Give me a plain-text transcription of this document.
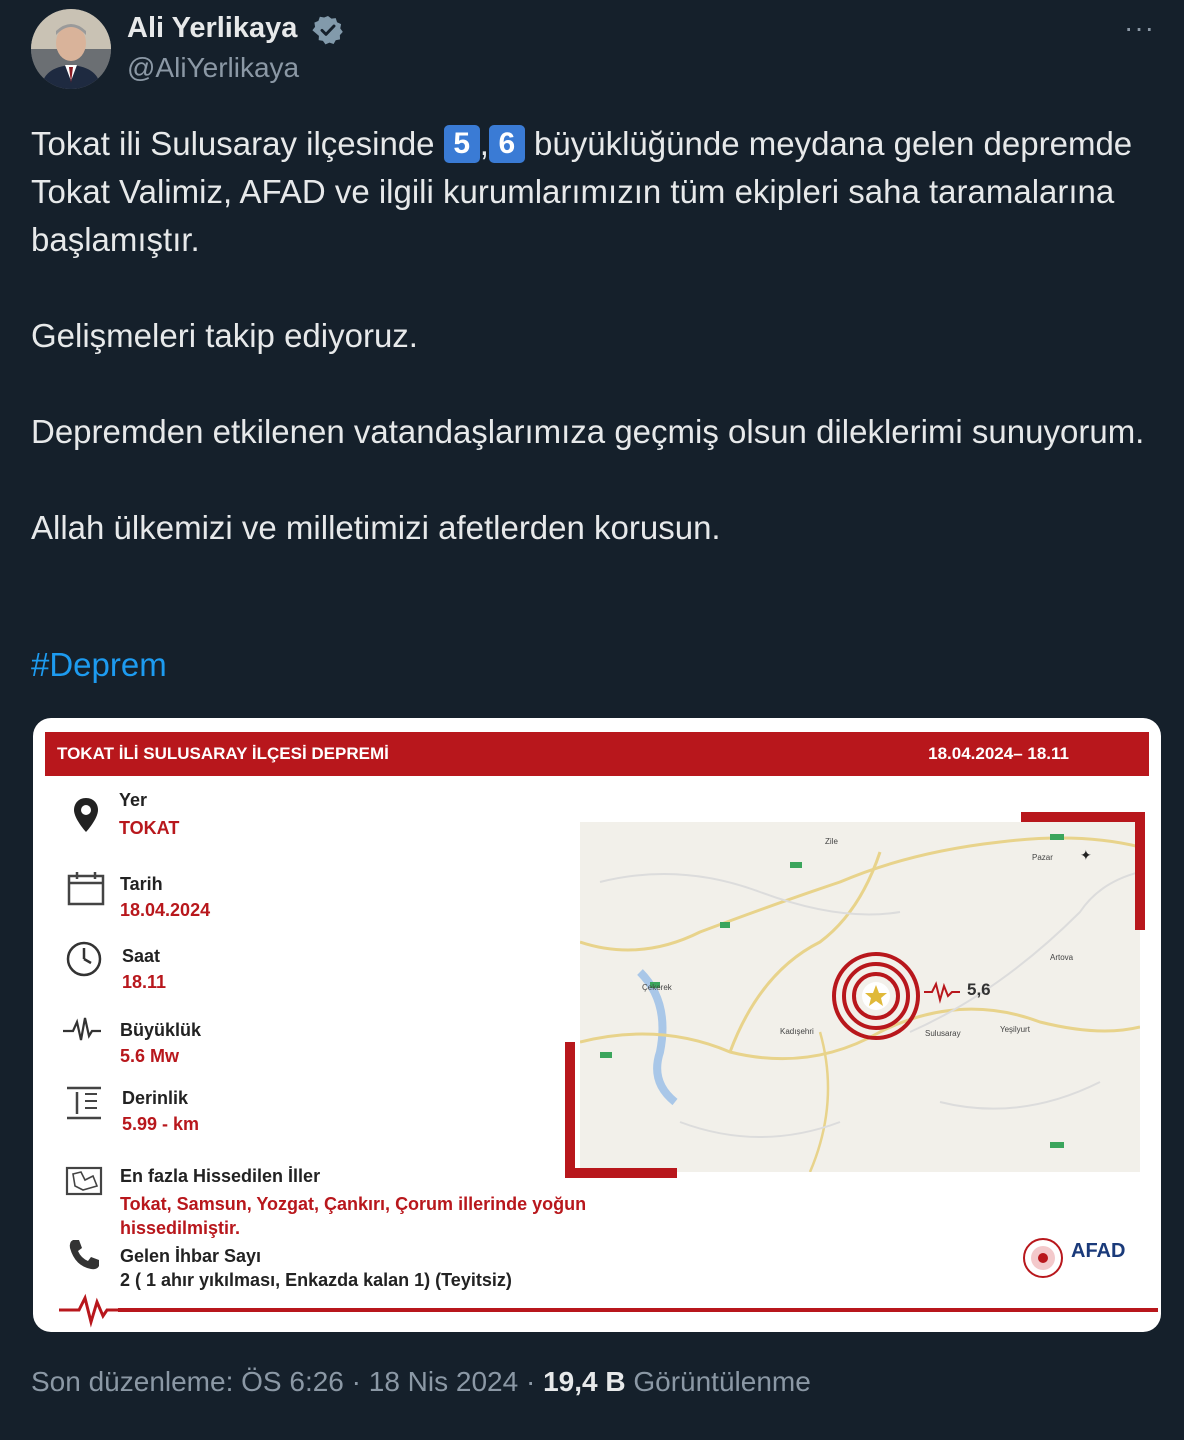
Ali Yerlikaya
@AliYerlikaya
···

Tokat ili Sulusaray ilçesinde 5 , 6 büyüklüğünde meydana gelen depremde Tokat Valimiz, AFAD ve ilgili kurumlarımızın tüm ekipleri saha taramalarına başlamıştır.

Gelişmeleri takip ediyoruz.

Depremden etkilenen vatandaşlarımıza geçmiş olsun dileklerimi sunuyorum.

Allah ülkemizi ve milletimizi afetlerden korusun.

#Deprem
TOKAT İLİ SULUSARAY İLÇESİ DEPREMİ	18.04.2024– 18.11
Yer
TOKAT
Tarih
18.04.2024
Saat
18.11
Büyüklük
5.6 Mw
Derinlik
5.99 - km
En fazla Hissedilen İller
Tokat, Samsun, Yozgat, Çankırı, Çorum illerinde yoğun hissedilmiştir.
Gelen İhbar Sayı
2 ( 1 ahır yıkılması, Enkazda kalan 1) (Teyitsiz)
Çekerek
Zile
Sulusaray
Artova
Yeşilyurt
Kadışehri
Pazar ✦
5,6
AFAD
Son düzenleme: ÖS 6:26 · 18 Nis 2024 · 19,4 B Görüntülenme
